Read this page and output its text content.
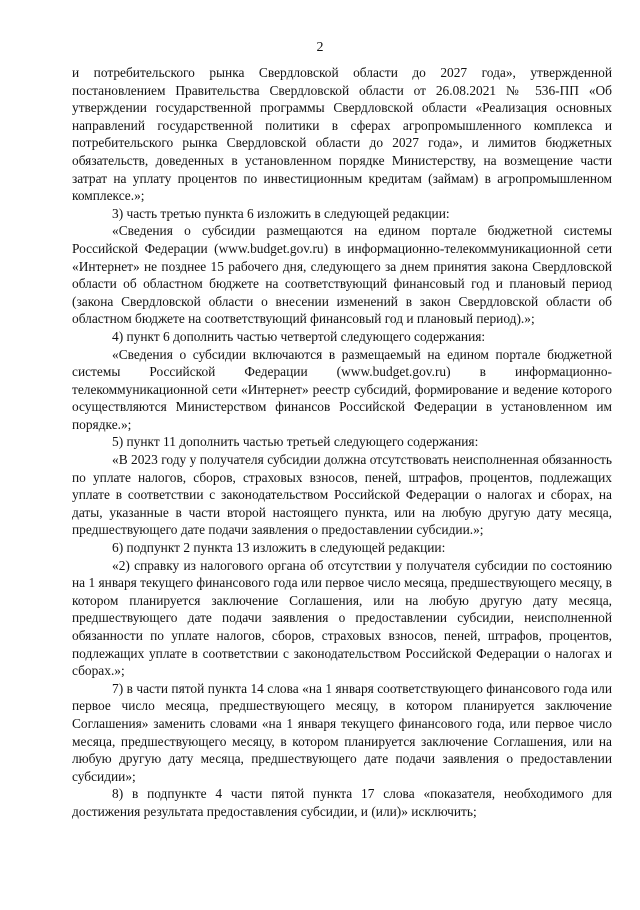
2

и потребительского рынка Свердловской области до 2027 года», утвержденной постановлением Правительства Свердловской области от 26.08.2021 № 536-ПП «Об утверждении государственной программы Свердловской области «Реализация основных направлений государственной политики в сферах агропромышленного комплекса и потребительского рынка Свердловской области до 2027 года», и лимитов бюджетных обязательств, доведенных в установленном порядке Министерству, на возмещение части затрат на уплату процентов по инвестиционным кредитам (займам) в агропромышленном комплексе.»;

3) часть третью пункта 6 изложить в следующей редакции:

«Сведения о субсидии размещаются на едином портале бюджетной системы Российской Федерации (www.budget.gov.ru) в информационно-телекоммуникационной сети «Интернет» не позднее 15 рабочего дня, следующего за днем принятия закона Свердловской области об областном бюджете на соответствующий финансовый год и плановый период (закона Свердловской области о внесении изменений в закон Свердловской области об областном бюджете на соответствующий финансовый год и плановый период).»;

4) пункт 6 дополнить частью четвертой следующего содержания:

«Сведения о субсидии включаются в размещаемый на едином портале бюджетной системы Российской Федерации (www.budget.gov.ru) в информационно-телекоммуникационной сети «Интернет» реестр субсидий, формирование и ведение которого осуществляются Министерством финансов Российской Федерации в установленном им порядке.»;

5) пункт 11 дополнить частью третьей следующего содержания:

«В 2023 году у получателя субсидии должна отсутствовать неисполненная обязанность по уплате налогов, сборов, страховых взносов, пеней, штрафов, процентов, подлежащих уплате в соответствии с законодательством Российской Федерации о налогах и сборах, на даты, указанные в части второй настоящего пункта, или на любую другую дату месяца, предшествующего дате подачи заявления о предоставлении субсидии.»;

6) подпункт 2 пункта 13 изложить в следующей редакции:

«2) справку из налогового органа об отсутствии у получателя субсидии по состоянию на 1 января текущего финансового года или первое число месяца, предшествующего месяцу, в котором планируется заключение Соглашения, или на любую другую дату месяца, предшествующего дате подачи заявления о предоставлении субсидии, неисполненной обязанности по уплате налогов, сборов, страховых взносов, пеней, штрафов, процентов, подлежащих уплате в соответствии с законодательством Российской Федерации о налогах и сборах.»;

7) в части пятой пункта 14 слова «на 1 января соответствующего финансового года или первое число месяца, предшествующего месяцу, в котором планируется заключение Соглашения» заменить словами «на 1 января текущего финансового года, или первое число месяца, предшествующего месяцу, в котором планируется заключение Соглашения, или на любую другую дату месяца, предшествующего дате подачи заявления о предоставлении субсидии»;

8) в подпункте 4 части пятой пункта 17 слова «показателя, необходимого для достижения результата предоставления субсидии, и (или)» исключить;
